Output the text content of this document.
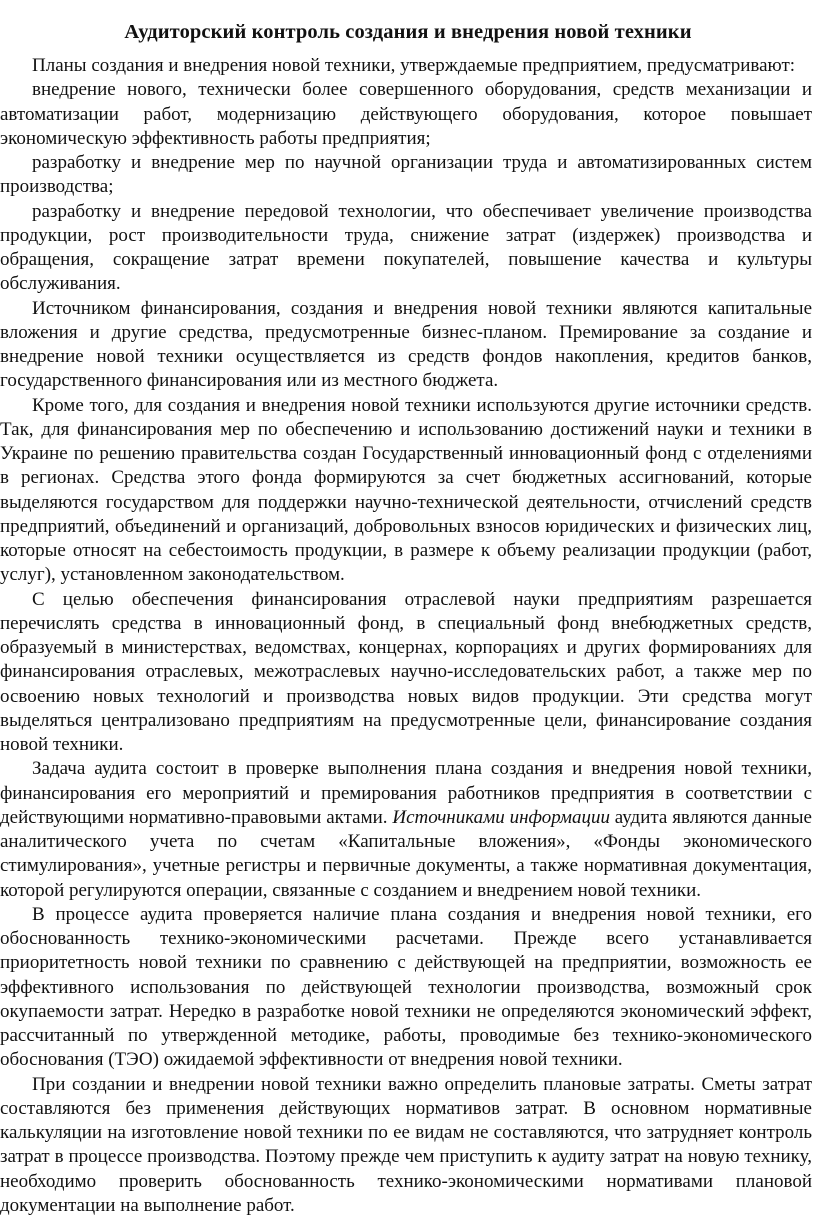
Аудиторский контроль создания и внедрения новой техники

Планы создания и внедрения новой техники, утверждаемые предприятием, предусматривают:

внедрение нового, технически более совершенного оборудования, средств механизации и автоматизации работ, модернизацию действующего оборудования, которое повышает экономическую эффективность работы предприятия;

разработку и внедрение мер по научной организации труда и автоматизированных систем производства;

разработку и внедрение передовой технологии, что обеспечивает увеличение производства продукции, рост производительности труда, снижение затрат (издержек) производства и обращения, сокращение затрат времени покупателей, повышение качества и культуры обслуживания.

Источником финансирования, создания и внедрения новой техники являются капитальные вложения и другие средства, предусмотренные бизнес-планом. Премирование за создание и внедрение новой техники осуществляется из средств фондов накопления, кредитов банков, государственного финансирования или из местного бюджета.

Кроме того, для создания и внедрения новой техники используются другие источники средств. Так, для финансирования мер по обеспечению и использованию достижений науки и техники в Украине по решению правительства создан Государственный инновационный фонд с отделениями в регионах. Средства этого фонда формируются за счет бюджетных ассигнований, которые выделяются государством для поддержки научно-технической деятельности, отчислений средств предприятий, объединений и организаций, добровольных взносов юридических и физических лиц, которые относят на себестоимость продукции, в размере к объему реализации продукции (работ, услуг), установленном законодательством.

С целью обеспечения финансирования отраслевой науки предприятиям разрешается перечислять средства в инновационный фонд, в специальный фонд внебюджетных средств, образуемый в министерствах, ведомствах, концернах, корпорациях и других формированиях для финансирования отраслевых, межотраслевых научно-исследовательских работ, а также мер по освоению новых технологий и производства новых видов продукции. Эти средства могут выделяться централизовано предприятиям на предусмотренные цели, финансирование создания новой техники.

Задача аудита состоит в проверке выполнения плана создания и внедрения новой техники, финансирования его мероприятий и премирования работников предприятия в соответствии с действующими нормативно-правовыми актами. Источниками информации аудита являются данные аналитического учета по счетам «Капитальные вложения», «Фонды экономического стимулирования», учетные регистры и первичные документы, а также нормативная документация, которой регулируются операции, связанные с созданием и внедрением новой техники.

В процессе аудита проверяется наличие плана создания и внедрения новой техники, его обоснованность технико-экономическими расчетами. Прежде всего устанавливается приоритетность новой техники по сравнению с действующей на предприятии, возможность ее эффективного использования по действующей технологии производства, возможный срок окупаемости затрат. Нередко в разработке новой техники не определяются экономический эффект, рассчитанный по утвержденной методике, работы, проводимые без технико-экономического обоснования (ТЭО) ожидаемой эффективности от внедрения новой техники.

При создании и внедрении новой техники важно определить плановые затраты. Сметы затрат составляются без применения действующих нормативов затрат. В основном нормативные калькуляции на изготовление новой техники по ее видам не составляются, что затрудняет контроль затрат в процессе производства. Поэтому прежде чем приступить к аудиту затрат на новую технику, необходимо проверить обоснованность технико-экономическими нормативами плановой документации на выполнение работ.
